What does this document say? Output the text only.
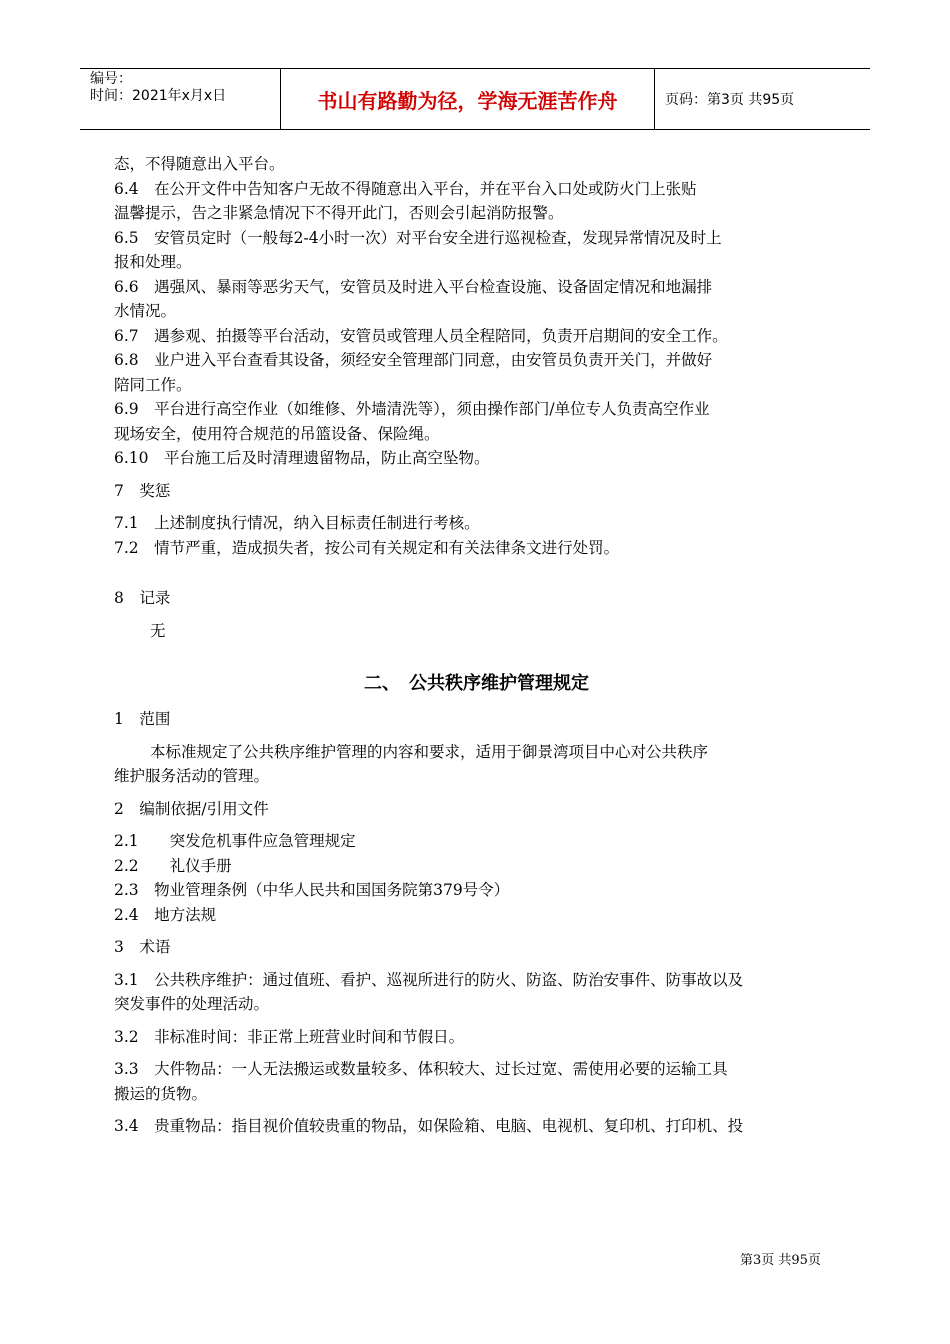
编号：
时间：2021年x月x日	书山有路勤为径，学海无涯苦作舟	页码：第3页 共95页
态，不得随意出入平台。
6.4　在公开文件中告知客户无故不得随意出入平台，并在平台入口处或防火门上张贴
温馨提示，告之非紧急情况下不得开此门，否则会引起消防报警。
6.5　安管员定时（一般每2-4小时一次）对平台安全进行巡视检查，发现异常情况及时上
报和处理。
6.6　遇强风、暴雨等恶劣天气，安管员及时进入平台检查设施、设备固定情况和地漏排
水情况。
6.7　遇参观、拍摄等平台活动，安管员或管理人员全程陪同，负责开启期间的安全工作。
6.8　业户进入平台查看其设备，须经安全管理部门同意，由安管员负责开关门，并做好
陪同工作。
6.9　平台进行高空作业（如维修、外墙清洗等），须由操作部门/单位专人负责高空作业
现场安全，使用符合规范的吊篮设备、保险绳。
6.10　平台施工后及时清理遗留物品，防止高空坠物。
7　奖惩
7.1　上述制度执行情况，纳入目标责任制进行考核。
7.2　情节严重，造成损失者，按公司有关规定和有关法律条文进行处罚。
8　记录
无
二、　公共秩序维护管理规定
1　范围
本标准规定了公共秩序维护管理的内容和要求，适用于御景湾项目中心对公共秩序
维护服务活动的管理。
2　编制依据/引用文件
2.1　　突发危机事件应急管理规定
2.2　　礼仪手册
2.3　物业管理条例（中华人民共和国国务院第379号令）
2.4　地方法规
3　术语
3.1　公共秩序维护：通过值班、看护、巡视所进行的防火、防盗、防治安事件、防事故以及
突发事件的处理活动。
3.2　非标准时间：非正常上班营业时间和节假日。
3.3　大件物品：一人无法搬运或数量较多、体积较大、过长过宽、需使用必要的运输工具
搬运的货物。
3.4　贵重物品：指目视价值较贵重的物品，如保险箱、电脑、电视机、复印机、打印机、投
第3页 共95页
